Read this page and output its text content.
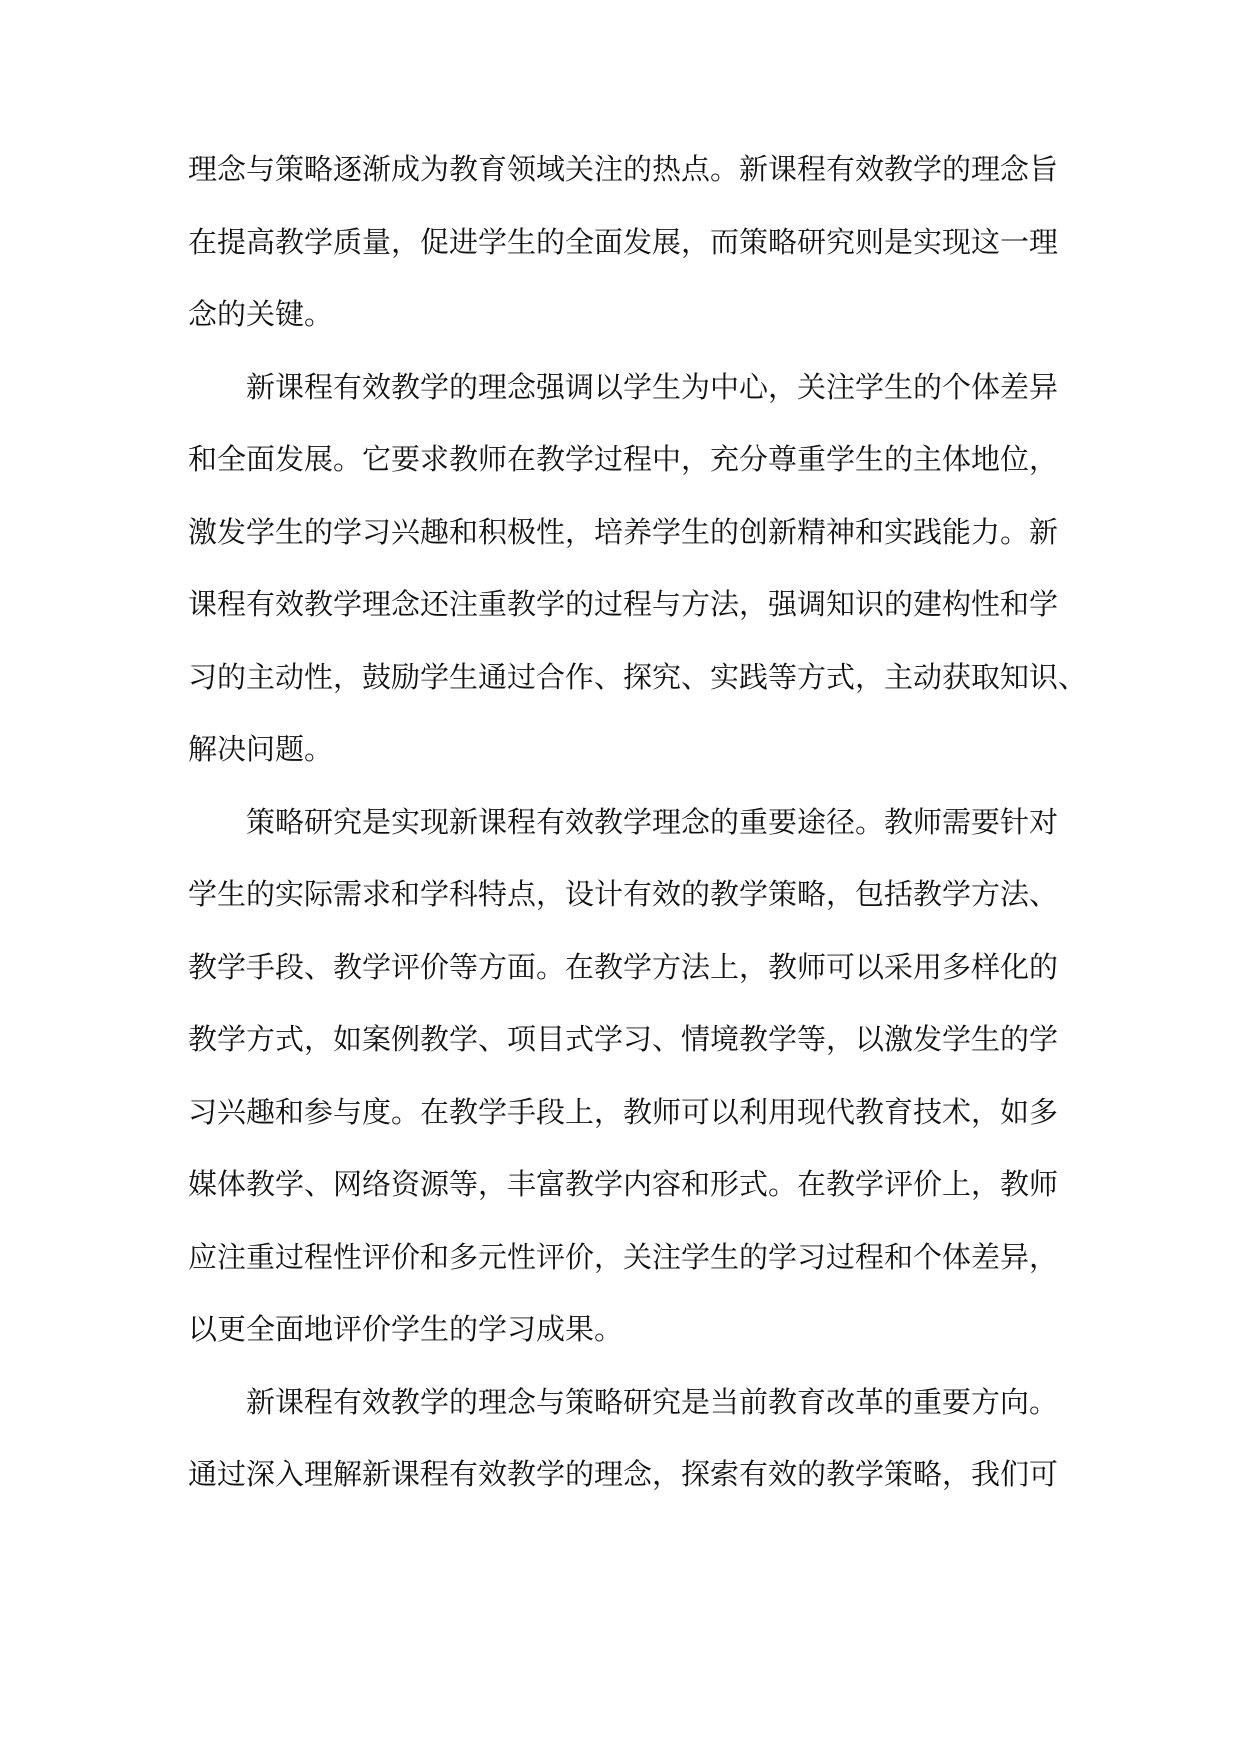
理念与策略逐渐成为教育领域关注的热点。新课程有效教学的理念旨
在提高教学质量，促进学生的全面发展，而策略研究则是实现这一理
念的关键。
新课程有效教学的理念强调以学生为中心，关注学生的个体差异
和全面发展。它要求教师在教学过程中，充分尊重学生的主体地位，
激发学生的学习兴趣和积极性，培养学生的创新精神和实践能力。新
课程有效教学理念还注重教学的过程与方法，强调知识的建构性和学
习的主动性，鼓励学生通过合作、探究、实践等方式，主动获取知识、
解决问题。
策略研究是实现新课程有效教学理念的重要途径。教师需要针对
学生的实际需求和学科特点，设计有效的教学策略，包括教学方法、
教学手段、教学评价等方面。在教学方法上，教师可以采用多样化的
教学方式，如案例教学、项目式学习、情境教学等，以激发学生的学
习兴趣和参与度。在教学手段上，教师可以利用现代教育技术，如多
媒体教学、网络资源等，丰富教学内容和形式。在教学评价上，教师
应注重过程性评价和多元性评价，关注学生的学习过程和个体差异，
以更全面地评价学生的学习成果。
新课程有效教学的理念与策略研究是当前教育改革的重要方向。
通过深入理解新课程有效教学的理念，探索有效的教学策略，我们可
